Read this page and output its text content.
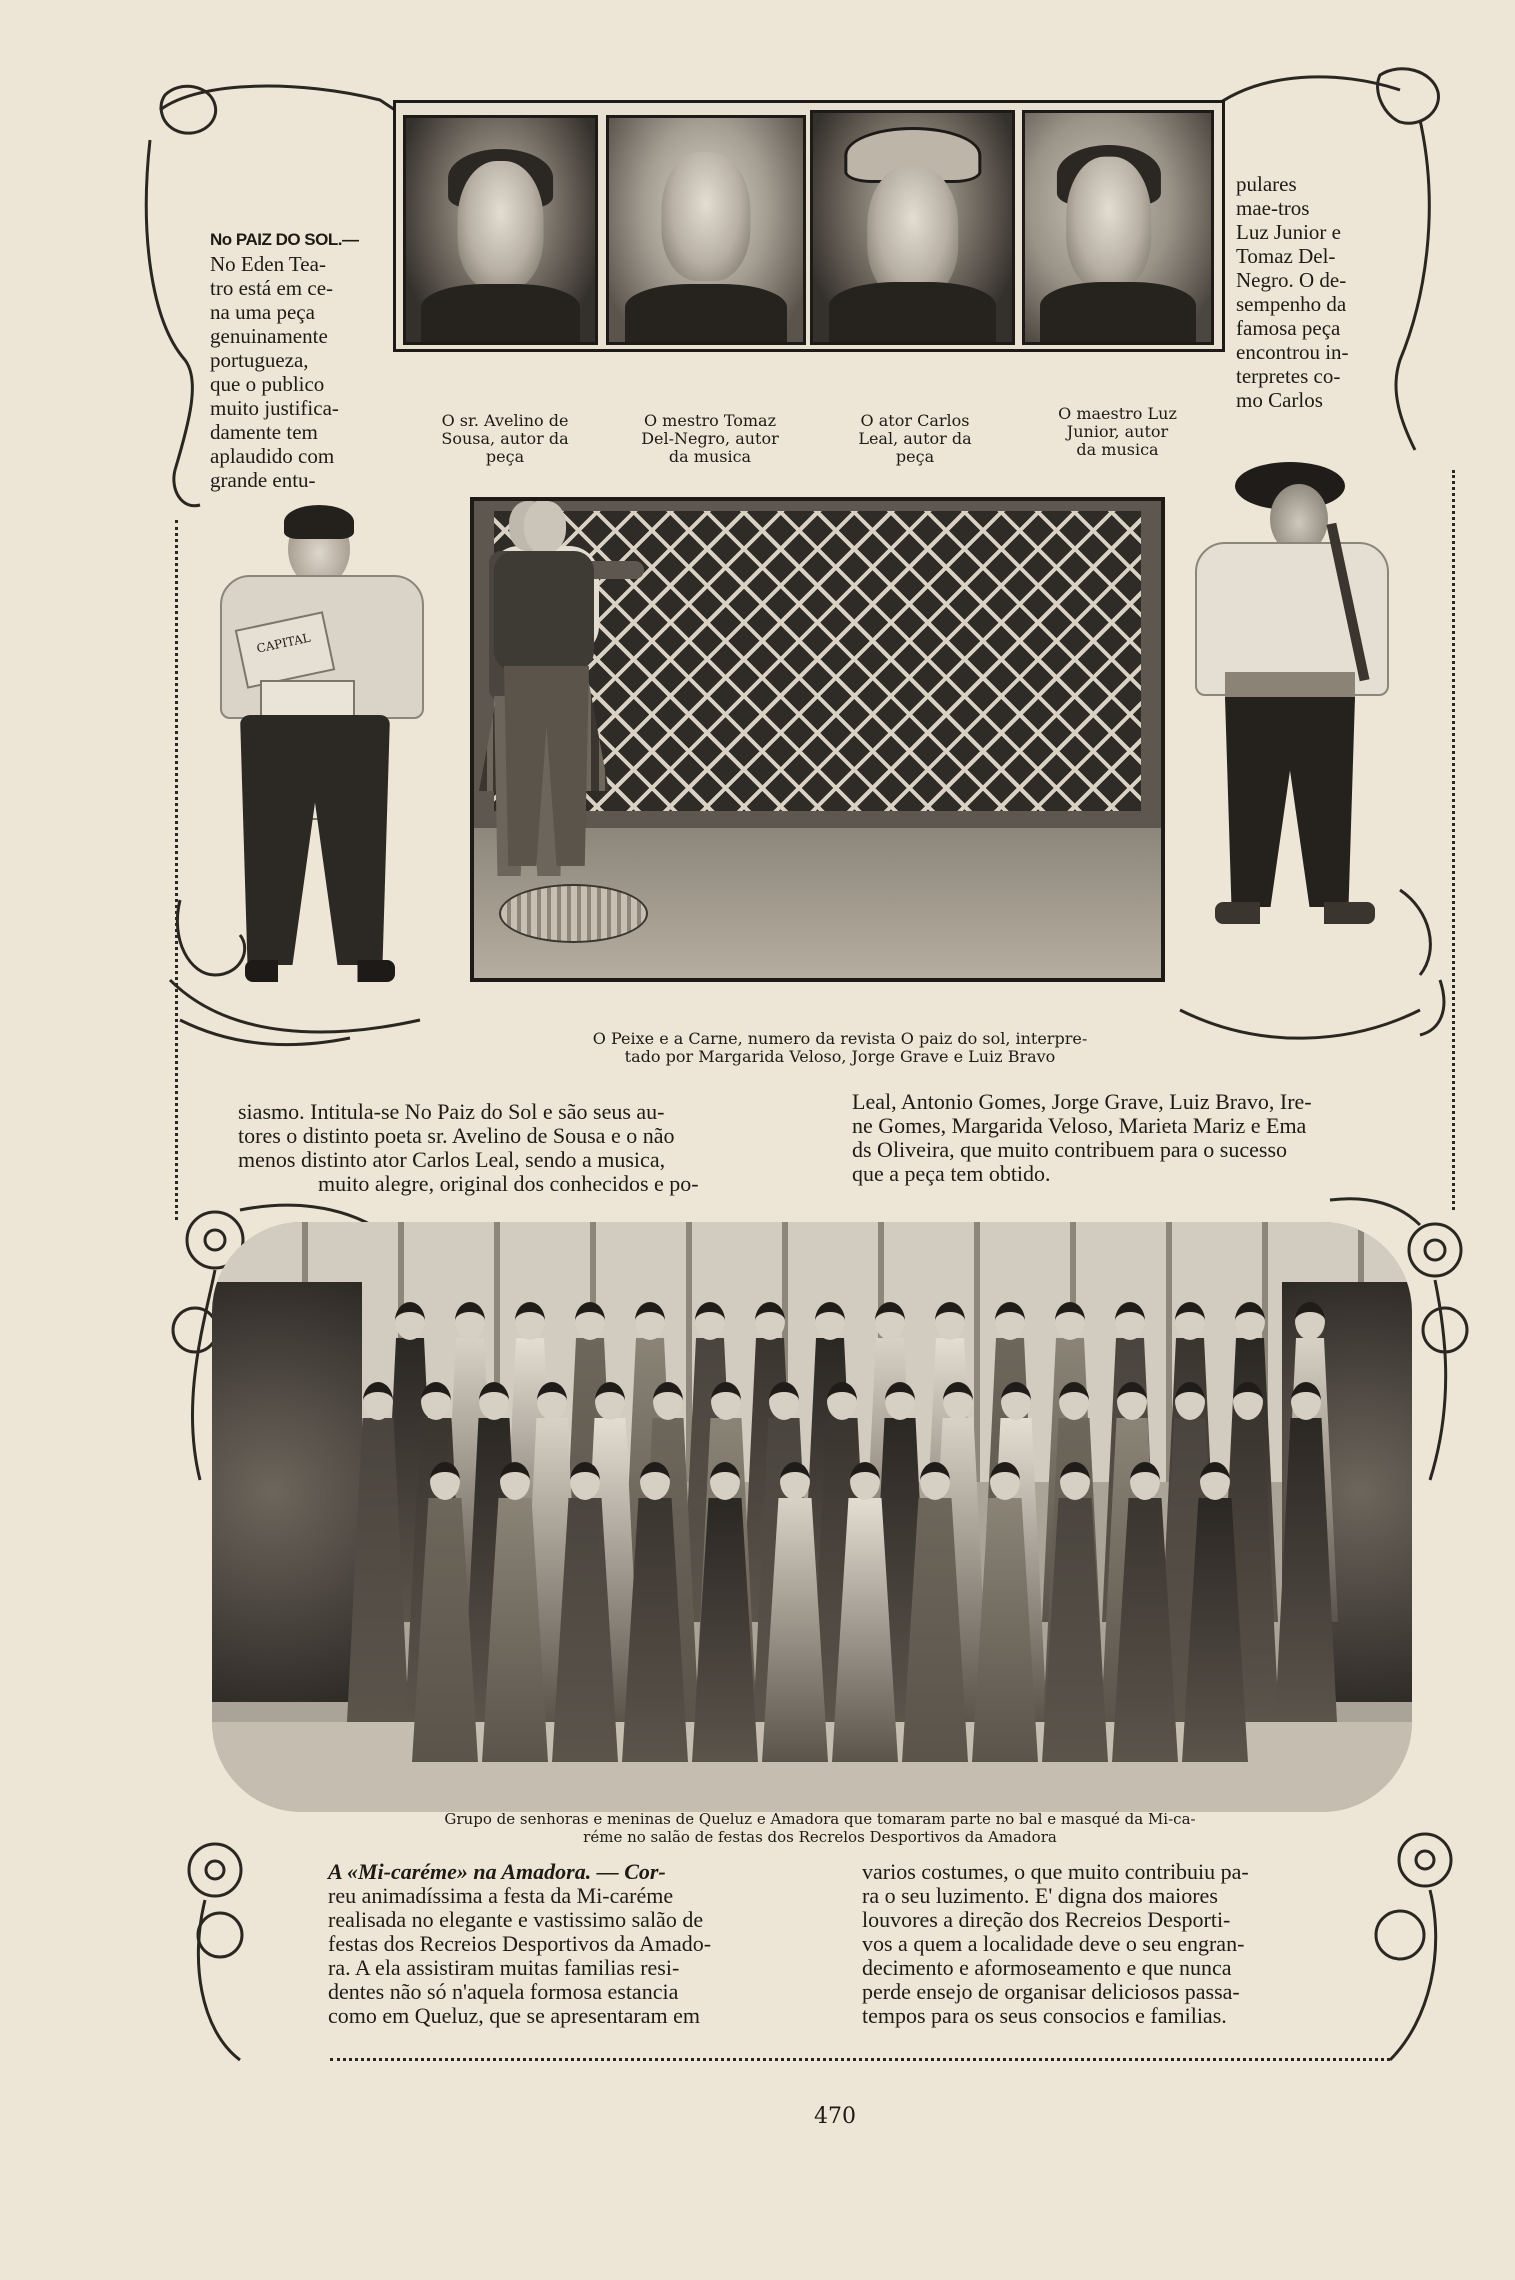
No PAIZ DO SOL.—
No Eden Tea-
tro está em ce-
na uma peça
genuinamente
portugueza,
que o publico
muito justifica-
damente tem
aplaudido com
grande entu-
pulares
mae-tros
Luz Junior e
Tomaz Del-
Negro. O de-
sempenho da
famosa peça
encontrou in-
terpretes co-
mo Carlos
O sr. Avelino de
Sousa, autor da
peça
O mestro Tomaz
Del-Negro, autor
da musica
O ator Carlos
Leal, autor da
peça
O maestro Luz
Junior, autor
da musica
CAPITAL
O Peixe e a Carne, numero da revista O paiz do sol, interpre-
tado por Margarida Veloso, Jorge Grave e Luiz Bravo
siasmo. Intitula-se No Paiz do Sol e são seus au-
tores o distinto poeta sr. Avelino de Sousa e o não
menos distinto ator Carlos Leal, sendo a musica,
muito alegre, original dos conhecidos e po-
Leal, Antonio Gomes, Jorge Grave, Luiz Bravo, Ire-
ne Gomes, Margarida Veloso, Marieta Mariz e Ema
ds Oliveira, que muito contribuem para o sucesso
que a peça tem obtido.
Grupo de senhoras e meninas de Queluz e Amadora que tomaram parte no bal e masqué da Mi-ca-
réme no salão de festas dos Recrelos Desportivos da Amadora
A «Mi-caréme» na Amadora. — Cor-
reu animadíssima a festa da Mi-caréme
realisada no elegante e vastissimo salão de
festas dos Recreios Desportivos da Amado-
ra. A ela assistiram muitas familias resi-
dentes não só n'aquela formosa estancia
como em Queluz, que se apresentaram em
varios costumes, o que muito contribuiu pa-
ra o seu luzimento. E' digna dos maiores
louvores a direção dos Recreios Desporti-
vos a quem a localidade deve o seu engran-
decimento e aformoseamento e que nunca
perde ensejo de organisar deliciosos passa-
tempos para os seus consocios e familias.
470
